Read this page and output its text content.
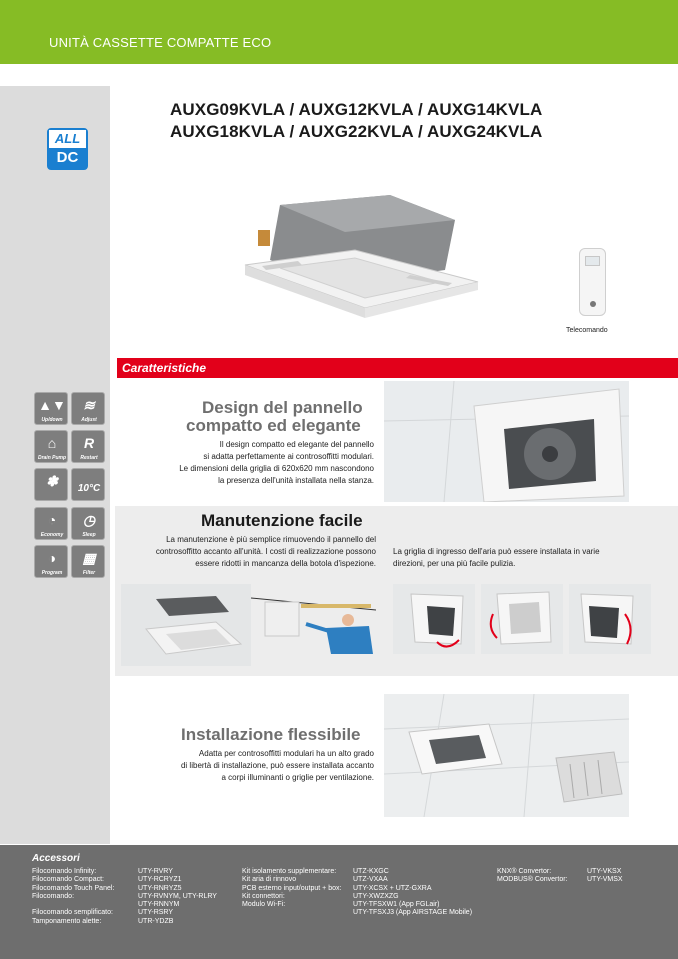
UNITÀ CASSETTE COMPATTE ECO
AUXG09KVLA / AUXG12KVLA / AUXG14KVLA
AUXG18KVLA / AUXG22KVLA / AUXG24KVLA
ALL
DC
Telecomando
Caratteristiche
▲▼
Up/down
≋
Adjust
⌂
Drain Pump
R
Restart
✽	10°C
◔
Economy
◷
Sleep
◑
Program
▦
Filter
Design del pannello
compatto ed elegante
Il design compatto ed elegante del pannello
si adatta perfettamente ai controsoffitti modulari.
Le dimensioni della griglia di 620x620 mm nascondono
la presenza dell'unità installata nella stanza.
Manutenzione facile
La manutenzione è più semplice rimuovendo il pannello del
controsoffitto accanto all'unità. I costi di realizzazione possono
essere ridotti in mancanza della botola d'ispezione.
La griglia di ingresso dell'aria può essere installata in varie
direzioni, per una più facile pulizia.
Installazione flessibile
Adatta per controsoffitti modulari ha un alto grado
di libertà di installazione, può essere installata accanto
a corpi illuminanti o griglie per ventilazione.
Accessori
Filocomando Infinity:
Filocomando Compact:
Filocomando Touch Panel:
Filocomando:
Filocomando semplificato:
Tamponamento alette:
UTY-RVRY
UTY-RCRYZ1
UTY-RNRYZ5
UTY-RVNYM, UTY-RLRY
UTY-RNNYM
UTY-RSRY
UTR-YDZB
Kit isolamento supplementare:
Kit aria di rinnovo
PCB esterno input/output + box:
Kit connettori:
Modulo Wi-Fi:
UTZ-KXGC
UTZ-VXAA
UTY-XCSX + UTZ-GXRA
UTY-XWZXZG
UTY-TFSXW1 (App FGLair)
UTY-TFSXJ3 (App AIRSTAGE Mobile)
KNX® Convertor:
MODBUS® Convertor:
UTY-VKSX
UTY-VMSX
